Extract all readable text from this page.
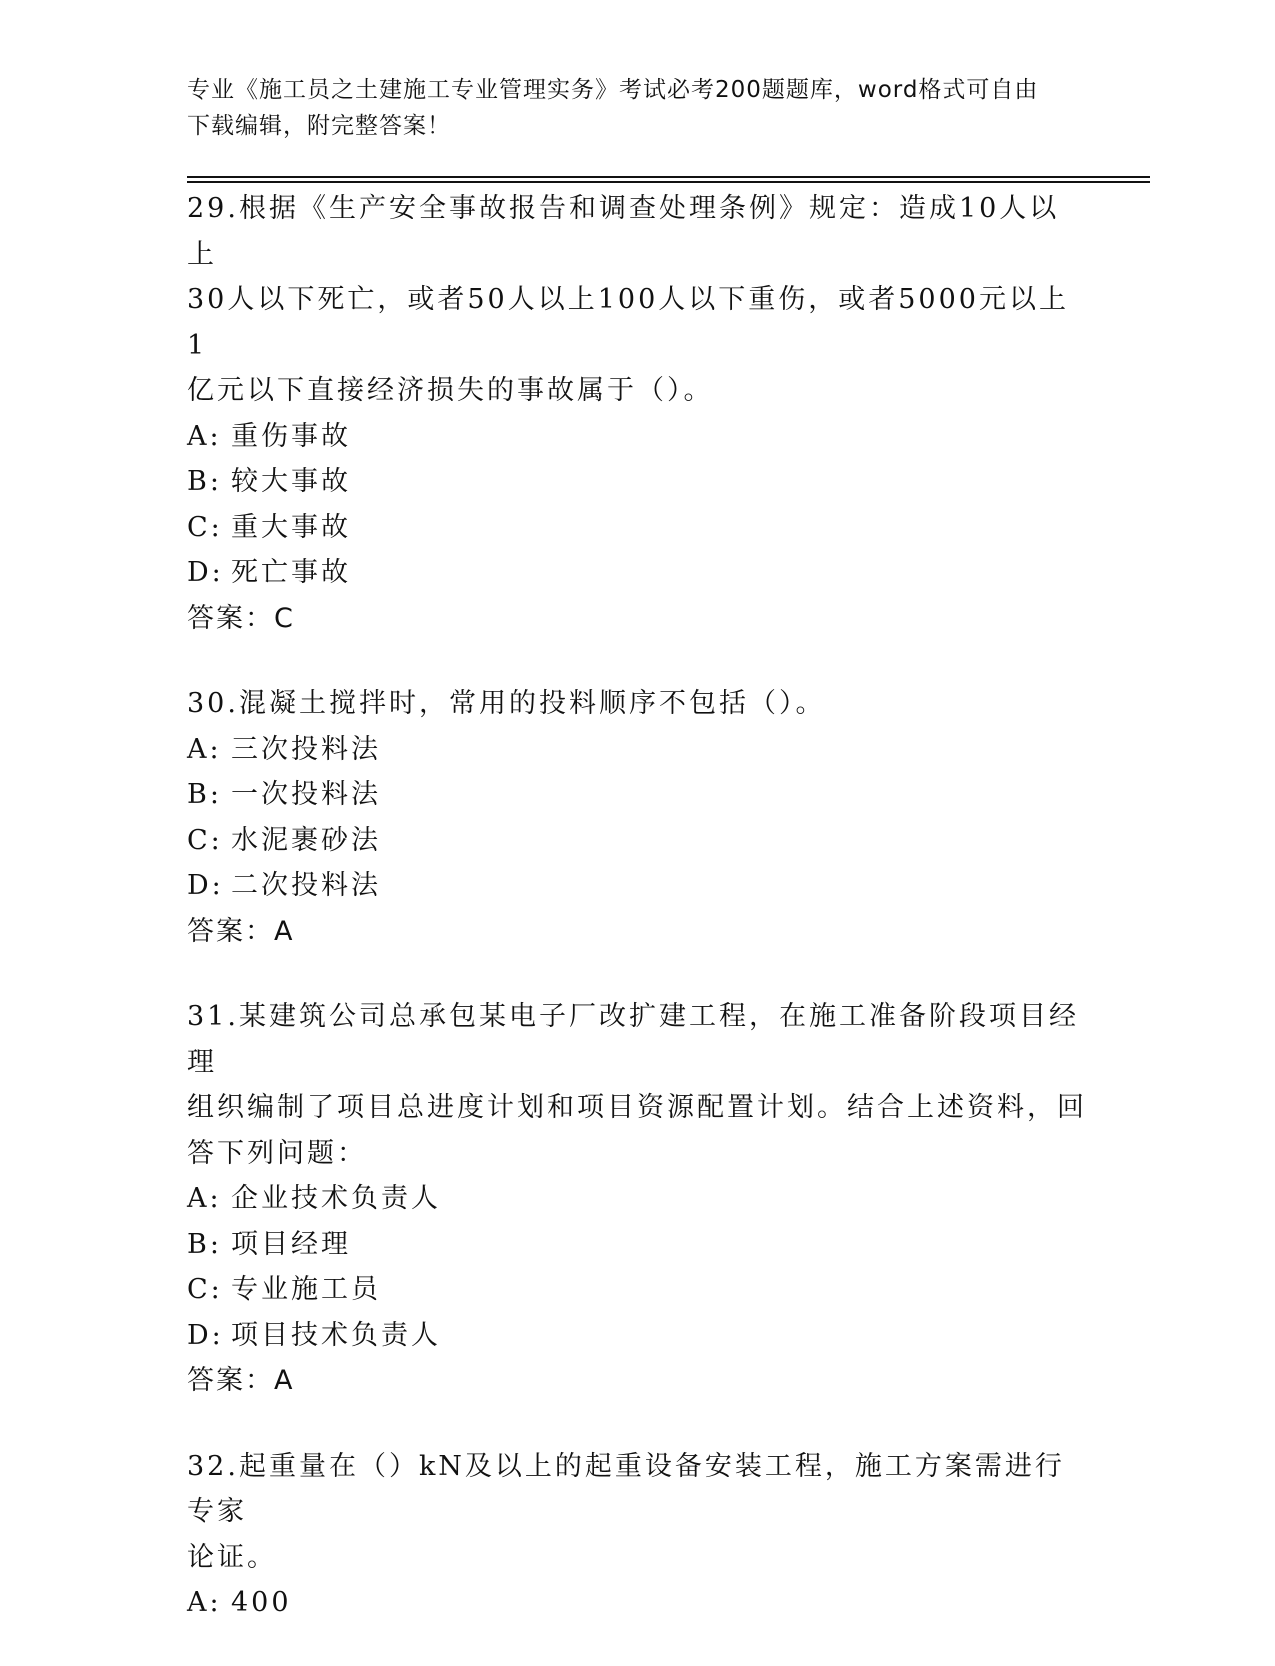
专业《施工员之土建施工专业管理实务》考试必考200题题库，word格式可自由
下载编辑，附完整答案！

29.根据《生产安全事故报告和调查处理条例》规定：造成10人以上

30人以下死亡，或者50人以上100人以下重伤，或者5000元以上1

亿元以下直接经济损失的事故属于（）。

A: 重伤事故

B: 较大事故

C: 重大事故

D: 死亡事故

答案：C

30.混凝土搅拌时，常用的投料顺序不包括（）。

A: 三次投料法

B: 一次投料法

C: 水泥裹砂法

D: 二次投料法

答案：A

31.某建筑公司总承包某电子厂改扩建工程，在施工准备阶段项目经理

组织编制了项目总进度计划和项目资源配置计划。结合上述资料，回

答下列问题：

A: 企业技术负责人

B: 项目经理

C: 专业施工员

D: 项目技术负责人

答案：A

32.起重量在（）kN及以上的起重设备安装工程，施工方案需进行专家

论证。

A: 400
